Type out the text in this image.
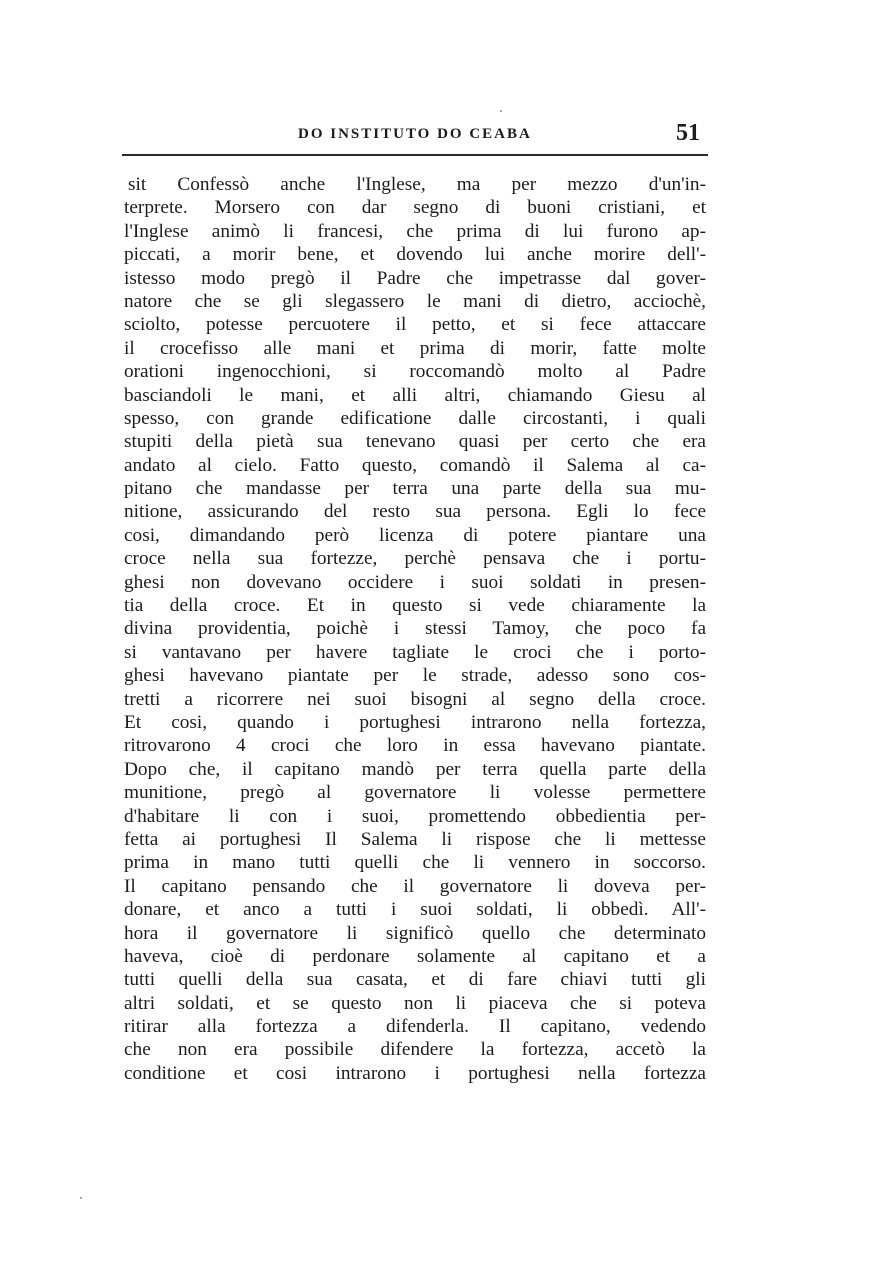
DO INSTITUTO DO CEABA	51
sit Confessò anche l'Inglese, ma per mezzo d'un'in-
terprete. Morsero con dar segno di buoni cristiani, et
l'Inglese animò li francesi, che prima di lui furono ap-
piccati, a morir bene, et dovendo lui anche morire dell'-
istesso modo pregò il Padre che impetrasse dal gover-
natore che se gli slegassero le mani di dietro, acciochè,
sciolto, potesse percuotere il petto, et si fece attaccare
il crocefisso alle mani et prima di morir, fatte molte
orationi ingenocchioni, si roccomandò molto al Padre
basciandoli le mani, et alli altri, chiamando Giesu al
spesso, con grande edificatione dalle circostanti, i quali
stupiti della pietà sua tenevano quasi per certo che era
andato al cielo. Fatto questo, comandò il Salema al ca-
pitano che mandasse per terra una parte della sua mu-
nitione, assicurando del resto sua persona. Egli lo fece
cosi, dimandando però licenza di potere piantare una
croce nella sua fortezze, perchè pensava che i portu-
ghesi non dovevano occidere i suoi soldati in presen-
tia della croce. Et in questo si vede chiaramente la
divina providentia, poichè i stessi Tamoy, che poco fa
si vantavano per havere tagliate le croci che i porto-
ghesi havevano piantate per le strade, adesso sono cos-
tretti a ricorrere nei suoi bisogni al segno della croce.
Et cosi, quando i portughesi intrarono nella fortezza,
ritrovarono 4 croci che loro in essa havevano piantate.
Dopo che, il capitano mandò per terra quella parte della
munitione, pregò al governatore li volesse permettere
d'habitare li con i suoi, promettendo obbedientia per-
fetta ai portughesi Il Salema li rispose che li mettesse
prima in mano tutti quelli che li vennero in soccorso.
Il capitano pensando che il governatore li doveva per-
donare, et anco a tutti i suoi soldati, li obbedì. All'-
hora il governatore li significò quello che determinato
haveva, cioè di perdonare solamente al capitano et a
tutti quelli della sua casata, et di fare chiavi tutti gli
altri soldati, et se questo non li piaceva che si poteva
ritirar alla fortezza a difenderla. Il capitano, vedendo
che non era possibile difendere la fortezza, accetò la
conditione et cosi intrarono i portughesi nella fortezza
